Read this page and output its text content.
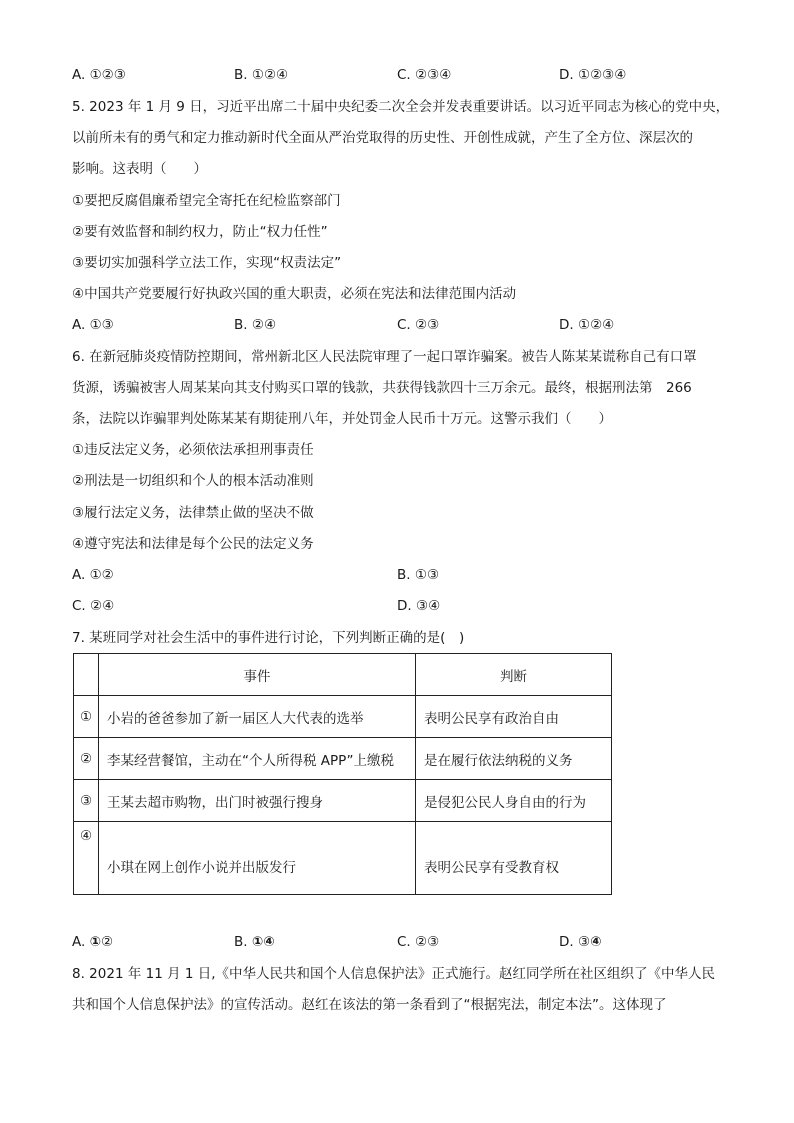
A. ①②③	B. ①②④	C. ②③④	D. ①②③④
5. 2023 年 1 月 9 日，习近平出席二十届中央纪委二次全会并发表重要讲话。以习近平同志为核心的党中央，
以前所未有的勇气和定力推动新时代全面从严治党取得的历史性、开创性成就，产生了全方位、深层次的
影响。这表明（　　）
①要把反腐倡廉希望完全寄托在纪检监察部门
②要有效监督和制约权力，防止“权力任性”
③要切实加强科学立法工作，实现“权责法定”
④中国共产党要履行好执政兴国的重大职责，必须在宪法和法律范围内活动
A. ①③	B. ②④	C. ②③	D. ①②④
6. 在新冠肺炎疫情防控期间，常州新北区人民法院审理了一起口罩诈骗案。被告人陈某某谎称自己有口罩
货源，诱骗被害人周某某向其支付购买口罩的钱款，共获得钱款四十三万余元。最终，根据刑法第　266
条，法院以诈骗罪判处陈某某有期徒刑八年，并处罚金人民币十万元。这警示我们（　　）
①违反法定义务，必须依法承担刑事责任
②刑法是一切组织和个人的根本活动准则
③履行法定义务，法律禁止做的坚决不做
④遵守宪法和法律是每个公民的法定义务
A. ①②	B. ①③
C. ②④	D. ③④
7. 某班同学对社会生活中的事件进行讨论，下列判断正确的是(　)
	事件	判断
①	小岩的爸爸参加了新一届区人大代表的选举	表明公民享有政治自由
②	李某经营餐馆，主动在“个人所得税 APP”上缴税	是在履行依法纳税的义务
③	王某去超市购物，出门时被强行搜身	是侵犯公民人身自由的行为
④	小琪在网上创作小说并出版发行	表明公民享有受教育权
A. ①②	B. ①④	C. ②③	D. ③④
8. 2021 年 11 月 1 日,《中华人民共和国个人信息保护法》正式施行。赵红同学所在社区组织了《中华人民
共和国个人信息保护法》的宣传活动。赵红在该法的第一条看到了“根据宪法，制定本法”。这体现了
